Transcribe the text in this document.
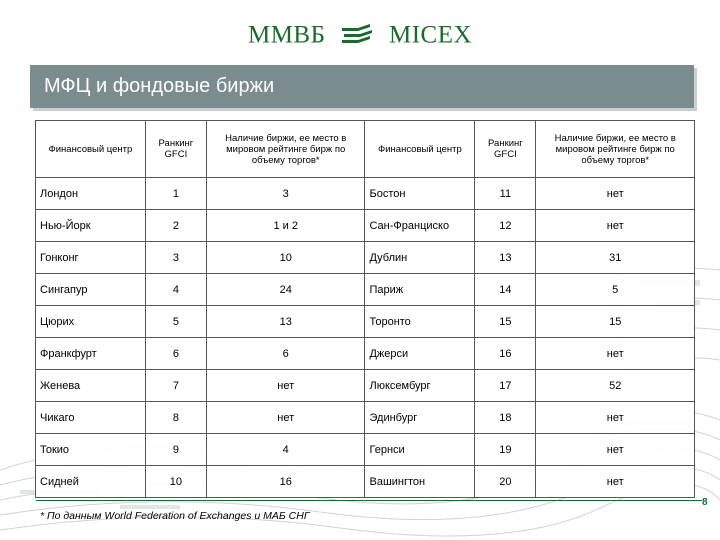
ММВБ	MICEX
МФЦ и фондовые биржи
Финансовый центр	Ранкинг GFCI	Наличие биржи, ее место в мировом рейтинге бирж по объему торгов*	Финансовый центр	Ранкинг GFCI	Наличие биржи, ее место в мировом рейтинге бирж по объему торгов*
Лондон	1	3	Бостон	11	нет
Нью-Йорк	2	1 и 2	Сан-Франциско	12	нет
Гонконг	3	10	Дублин	13	31
Сингапур	4	24	Париж	14	5
Цюрих	5	13	Торонто	15	15
Франкфурт	6	6	Джерси	16	нет
Женева	7	нет	Люксембург	17	52
Чикаго	8	нет	Эдинбург	18	нет
Токио	9	4	Гернси	19	нет
Сидней	10	16	Вашингтон	20	нет
* По данным World Federation of Exchanges и МАБ СНГ
8
